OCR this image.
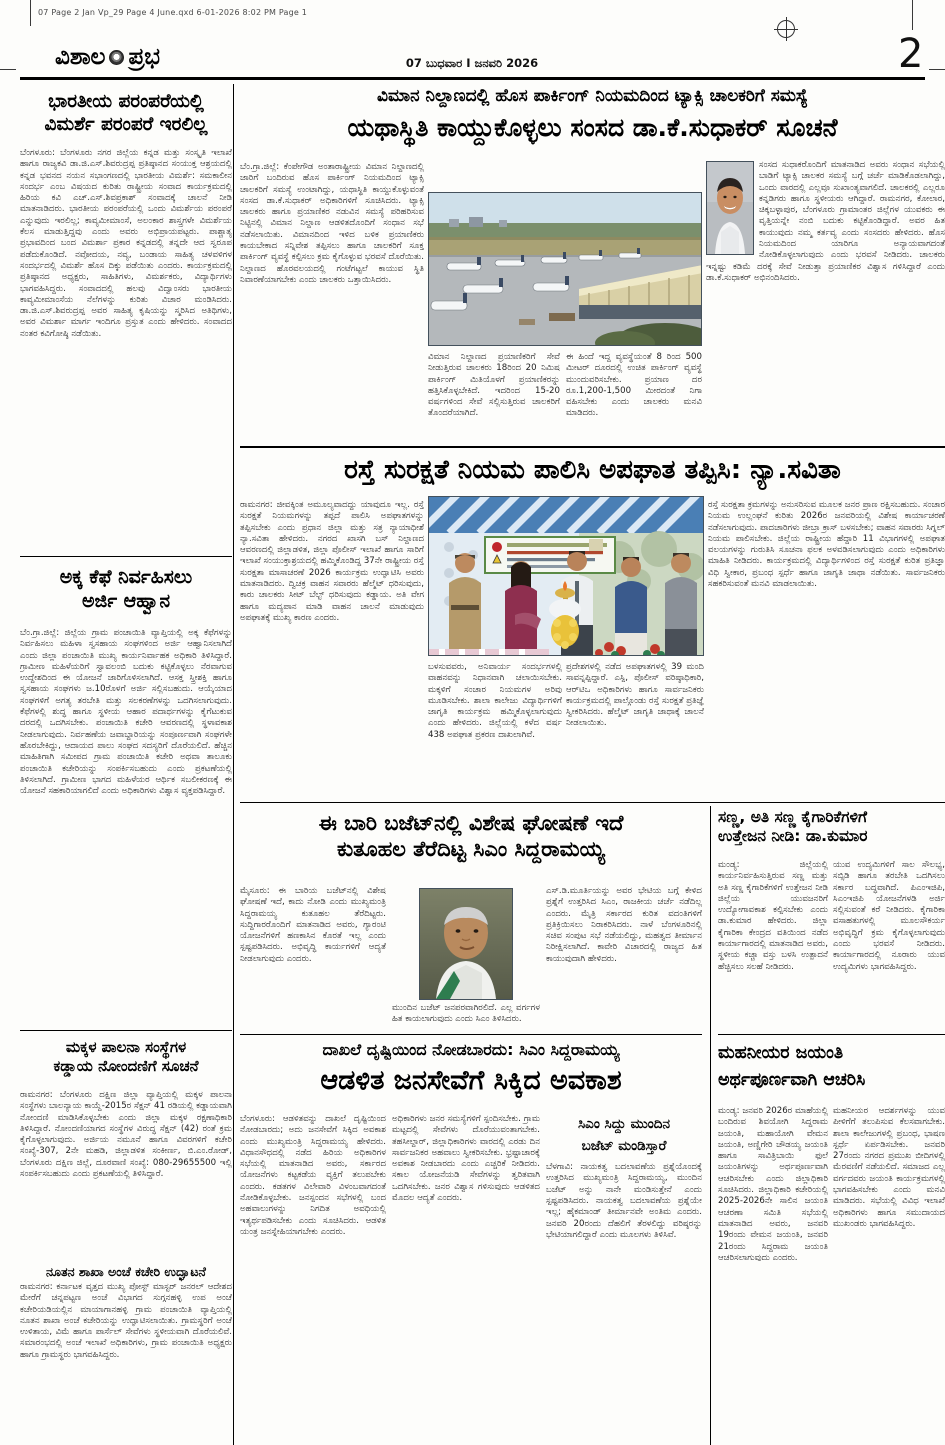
07 Page 2 Jan Vp_29 Page 4 June.qxd 6-01-2026 8:02 PM Page 1
ವಿಶಾಲ ಪ್ರಭ	07 ಬುಧವಾರ I ಜನವರಿ 2026	2
ಭಾರತೀಯ ಪರಂಪರೆಯಲ್ಲಿ
ವಿಮರ್ಶೆ ಪರಂಪರೆ ಇರಲಿಲ್ಲ
ಬೆಂಗಳೂರು: ಬೆಂಗಳೂರು ನಗರ ಜಿಲ್ಲೆಯ ಕನ್ನಡ ಮತ್ತು ಸಂಸ್ಕೃತಿ ಇಲಾಖೆ ಹಾಗೂ ರಾಜ್ಯಕವಿ ಡಾ.ಜಿ.ಎಸ್.ಶಿವರುದ್ರಪ್ಪ ಪ್ರತಿಷ್ಠಾನದ ಸಂಯುಕ್ತ ಆಶ್ರಯದಲ್ಲಿ ಕನ್ನಡ ಭವನದ ನಯನ ಸಭಾಂಗಣದಲ್ಲಿ ಭಾರತೀಯ ವಿಮರ್ಶೆ: ಸಮಕಾಲೀನ ಸಂದರ್ಭ ಎಂಬ ವಿಷಯದ ಕುರಿತು ರಾಷ್ಟ್ರೀಯ ಸಂವಾದ ಕಾರ್ಯಕ್ರಮದಲ್ಲಿ ಹಿರಿಯ ಕವಿ ಎಚ್.ಎಸ್.ಶಿವಪ್ರಕಾಶ್ ಸಂವಾದಕ್ಕೆ ಚಾಲನೆ ನೀಡಿ ಮಾತನಾಡಿದರು. ಭಾರತೀಯ ಪರಂಪರೆಯಲ್ಲಿ ಒಂದು ವಿಮರ್ಶೆಯ ಪರಂಪರೆ ಎನ್ನುವುದು ಇರಲಿಲ್ಲ; ಕಾವ್ಯಮೀಮಾಂಸೆ, ಅಲಂಕಾರ ಶಾಸ್ತ್ರಗಳೇ ವಿಮರ್ಶೆಯ ಕೆಲಸ ಮಾಡುತ್ತಿದ್ದವು ಎಂದು ಅವರು ಅಭಿಪ್ರಾಯಪಟ್ಟರು. ಪಾಶ್ಚಾತ್ಯ ಪ್ರಭಾವದಿಂದ ಬಂದ ವಿಮರ್ಶಾ ಪ್ರಕಾರ ಕನ್ನಡದಲ್ಲಿ ತನ್ನದೇ ಆದ ಸ್ವರೂಪ ಪಡೆದುಕೊಂಡಿದೆ. ನವೋದಯ, ನವ್ಯ, ಬಂಡಾಯ ಸಾಹಿತ್ಯ ಚಳವಳಿಗಳ ಸಂದರ್ಭದಲ್ಲಿ ವಿಮರ್ಶೆ ಹೊಸ ದಿಕ್ಕು ಪಡೆಯಿತು ಎಂದರು. ಕಾರ್ಯಕ್ರಮದಲ್ಲಿ ಪ್ರತಿಷ್ಠಾನದ ಅಧ್ಯಕ್ಷರು, ಸಾಹಿತಿಗಳು, ವಿಮರ್ಶಕರು, ವಿದ್ಯಾರ್ಥಿಗಳು ಭಾಗವಹಿಸಿದ್ದರು. ಸಂವಾದದಲ್ಲಿ ಹಲವು ವಿದ್ವಾಂಸರು ಭಾರತೀಯ ಕಾವ್ಯಮೀಮಾಂಸೆಯ ನೆಲೆಗಳನ್ನು ಕುರಿತು ವಿಚಾರ ಮಂಡಿಸಿದರು. ಡಾ.ಜಿ.ಎಸ್.ಶಿವರುದ್ರಪ್ಪ ಅವರ ಸಾಹಿತ್ಯ ಕೃಷಿಯನ್ನು ಸ್ಮರಿಸಿದ ಅತಿಥಿಗಳು, ಅವರ ವಿಮರ್ಶಾ ಮಾರ್ಗ ಇಂದಿಗೂ ಪ್ರಸ್ತುತ ಎಂದು ಹೇಳಿದರು. ಸಂವಾದದ ನಂತರ ಕವಿಗೋಷ್ಠಿ ನಡೆಯಿತು.
ಅಕ್ಕ ಕೆಫೆ ನಿರ್ವಹಿಸಲು
ಅರ್ಜಿ ಆಹ್ವಾನ
ಬೆಂ.ಗ್ರಾ.ಜಿಲ್ಲೆ: ಜಿಲ್ಲೆಯ ಗ್ರಾಮ ಪಂಚಾಯಿತಿ ವ್ಯಾಪ್ತಿಯಲ್ಲಿ ಅಕ್ಕ ಕೆಫೆಗಳನ್ನು ನಿರ್ವಹಿಸಲು ಮಹಿಳಾ ಸ್ವಸಹಾಯ ಸಂಘಗಳಿಂದ ಅರ್ಜಿ ಆಹ್ವಾನಿಸಲಾಗಿದೆ ಎಂದು ಜಿಲ್ಲಾ ಪಂಚಾಯಿತಿ ಮುಖ್ಯ ಕಾರ್ಯನಿರ್ವಾಹಕ ಅಧಿಕಾರಿ ತಿಳಿಸಿದ್ದಾರೆ. ಗ್ರಾಮೀಣ ಮಹಿಳೆಯರಿಗೆ ಸ್ವಾವಲಂಬಿ ಬದುಕು ಕಟ್ಟಿಕೊಳ್ಳಲು ನೆರವಾಗುವ ಉದ್ದೇಶದಿಂದ ಈ ಯೋಜನೆ ಜಾರಿಗೊಳಿಸಲಾಗಿದೆ. ಆಸಕ್ತ ಸ್ತ್ರೀಶಕ್ತಿ ಹಾಗೂ ಸ್ವಸಹಾಯ ಸಂಘಗಳು ಜ.10ರೊಳಗೆ ಅರ್ಜಿ ಸಲ್ಲಿಸಬಹುದು. ಆಯ್ಕೆಯಾದ ಸಂಘಗಳಿಗೆ ಅಗತ್ಯ ತರಬೇತಿ ಮತ್ತು ಸಲಕರಣೆಗಳನ್ನು ಒದಗಿಸಲಾಗುವುದು. ಕೆಫೆಗಳಲ್ಲಿ ಶುದ್ಧ ಹಾಗೂ ಸ್ಥಳೀಯ ಆಹಾರ ಪದಾರ್ಥಗಳನ್ನು ಕೈಗೆಟುಕುವ ದರದಲ್ಲಿ ಒದಗಿಸಬೇಕು. ಪಂಚಾಯಿತಿ ಕಚೇರಿ ಆವರಣದಲ್ಲಿ ಸ್ಥಳಾವಕಾಶ ನೀಡಲಾಗುವುದು. ನಿರ್ವಹಣೆಯ ಜವಾಬ್ದಾರಿಯನ್ನು ಸಂಪೂರ್ಣವಾಗಿ ಸಂಘಗಳೇ ಹೊರಬೇಕಿದ್ದು, ಆದಾಯದ ಪಾಲು ಸಂಘದ ಸದಸ್ಯರಿಗೆ ದೊರೆಯಲಿದೆ. ಹೆಚ್ಚಿನ ಮಾಹಿತಿಗಾಗಿ ಸಮೀಪದ ಗ್ರಾಮ ಪಂಚಾಯಿತಿ ಕಚೇರಿ ಅಥವಾ ತಾಲೂಕು ಪಂಚಾಯಿತಿ ಕಚೇರಿಯನ್ನು ಸಂಪರ್ಕಿಸಬಹುದು ಎಂದು ಪ್ರಕಟಣೆಯಲ್ಲಿ ತಿಳಿಸಲಾಗಿದೆ. ಗ್ರಾಮೀಣ ಭಾಗದ ಮಹಿಳೆಯರ ಆರ್ಥಿಕ ಸಬಲೀಕರಣಕ್ಕೆ ಈ ಯೋಜನೆ ಸಹಕಾರಿಯಾಗಲಿದೆ ಎಂದು ಅಧಿಕಾರಿಗಳು ವಿಶ್ವಾಸ ವ್ಯಕ್ತಪಡಿಸಿದ್ದಾರೆ.
ಮಕ್ಕಳ ಪಾಲನಾ ಸಂಸ್ಥೆಗಳ
ಕಡ್ಡಾಯ ನೋಂದಣಿಗೆ ಸೂಚನೆ
ರಾಮನಗರ: ಬೆಂಗಳೂರು ದಕ್ಷಿಣ ಜಿಲ್ಲಾ ವ್ಯಾಪ್ತಿಯಲ್ಲಿ ಮಕ್ಕಳ ಪಾಲನಾ ಸಂಸ್ಥೆಗಳು ಬಾಲನ್ಯಾಯ ಕಾಯ್ದೆ-2015ರ ಸೆಕ್ಷನ್ 41 ರಡಿಯಲ್ಲಿ ಕಡ್ಡಾಯವಾಗಿ ನೋಂದಣಿ ಮಾಡಿಸಿಕೊಳ್ಳಬೇಕು ಎಂದು ಜಿಲ್ಲಾ ಮಕ್ಕಳ ರಕ್ಷಣಾಧಿಕಾರಿ ತಿಳಿಸಿದ್ದಾರೆ. ನೋಂದಣಿಯಾಗದ ಸಂಸ್ಥೆಗಳ ವಿರುದ್ಧ ಸೆಕ್ಷನ್ (42) ರಂತೆ ಕ್ರಮ ಕೈಗೊಳ್ಳಲಾಗುವುದು. ಅರ್ಜಿಯ ನಮೂನೆ ಹಾಗೂ ವಿವರಗಳಿಗೆ ಕಚೇರಿ ಸಂಖ್ಯೆ-307, 2ನೇ ಮಹಡಿ, ಜಿಲ್ಲಾಡಳಿತ ಸಂಕೀರ್ಣ, ಬಿ.ಎಂ.ರೋಡ್, ಬೆಂಗಳೂರು ದಕ್ಷಿಣ ಜಿಲ್ಲೆ, ದೂರವಾಣಿ ಸಂಖ್ಯೆ: 080-29655500 ಇಲ್ಲಿ ಸಂಪರ್ಕಿಸಬಹುದು ಎಂದು ಪ್ರಕಟಣೆಯಲ್ಲಿ ತಿಳಿಸಿದ್ದಾರೆ.
ನೂತನ ಶಾಖಾ ಅಂಚೆ ಕಚೇರಿ ಉದ್ಘಾಟನೆ
ರಾಮನಗರ: ಕರ್ನಾಟಕ ವೃತ್ತದ ಮುಖ್ಯ ಪೋಸ್ಟ್ ಮಾಸ್ಟರ್ ಜನರಲ್ ಆದೇಶದ ಮೇರೆಗೆ ಚನ್ನಪಟ್ಟಣ ಅಂಚೆ ವಿಭಾಗದ ಸುಗ್ಗನಹಳ್ಳಿ ಉಪ ಅಂಚೆ ಕಚೇರಿಯಡಿಯಲ್ಲಿನ ಮಾಯಾಗಾನಹಳ್ಳಿ ಗ್ರಾಮ ಪಂಚಾಯಿತಿ ವ್ಯಾಪ್ತಿಯಲ್ಲಿ ನೂತನ ಶಾಖಾ ಅಂಚೆ ಕಚೇರಿಯನ್ನು ಉದ್ಘಾಟಿಸಲಾಯಿತು. ಗ್ರಾಮಸ್ಥರಿಗೆ ಅಂಚೆ ಉಳಿತಾಯ, ವಿಮೆ ಹಾಗೂ ಪಾರ್ಸೆಲ್ ಸೇವೆಗಳು ಸ್ಥಳೀಯವಾಗಿ ದೊರೆಯಲಿವೆ. ಸಮಾರಂಭದಲ್ಲಿ ಅಂಚೆ ಇಲಾಖೆ ಅಧಿಕಾರಿಗಳು, ಗ್ರಾಮ ಪಂಚಾಯಿತಿ ಅಧ್ಯಕ್ಷರು ಹಾಗೂ ಗ್ರಾಮಸ್ಥರು ಭಾಗವಹಿಸಿದ್ದರು.
ವಿಮಾನ ನಿಲ್ದಾಣದಲ್ಲಿ ಹೊಸ ಪಾರ್ಕಿಂಗ್ ನಿಯಮದಿಂದ ಟ್ಯಾಕ್ಸಿ ಚಾಲಕರಿಗೆ ಸಮಸ್ಯೆ
ಯಥಾಸ್ಥಿತಿ ಕಾಯ್ದುಕೊಳ್ಳಲು ಸಂಸದ ಡಾ.ಕೆ.ಸುಧಾಕರ್ ಸೂಚನೆ
ಬೆಂ.ಗ್ರಾ.ಜಿಲ್ಲೆ: ಕೆಂಪೇಗೌಡ ಅಂತಾರಾಷ್ಟ್ರೀಯ ವಿಮಾನ ನಿಲ್ದಾಣದಲ್ಲಿ ಜಾರಿಗೆ ಬಂದಿರುವ ಹೊಸ ಪಾರ್ಕಿಂಗ್ ನಿಯಮದಿಂದ ಟ್ಯಾಕ್ಸಿ ಚಾಲಕರಿಗೆ ಸಮಸ್ಯೆ ಉಂಟಾಗಿದ್ದು, ಯಥಾಸ್ಥಿತಿ ಕಾಯ್ದುಕೊಳ್ಳುವಂತೆ ಸಂಸದ ಡಾ.ಕೆ.ಸುಧಾಕರ್ ಅಧಿಕಾರಿಗಳಿಗೆ ಸೂಚಿಸಿದರು. ಟ್ಯಾಕ್ಸಿ ಚಾಲಕರು ಹಾಗೂ ಪ್ರಯಾಣಿಕರ ನಡುವಿನ ಸಮಸ್ಯೆ ಪರಿಹರಿಸುವ ನಿಟ್ಟಿನಲ್ಲಿ ವಿಮಾನ ನಿಲ್ದಾಣ ಆಡಳಿತದೊಂದಿಗೆ ಸಂಧಾನ ಸಭೆ ನಡೆಸಲಾಯಿತು. ವಿಮಾನದಿಂದ ಇಳಿದ ಬಳಿಕ ಪ್ರಯಾಣಿಕರು ಕಾಯಬೇಕಾದ ಸನ್ನಿವೇಶ ತಪ್ಪಿಸಲು ಹಾಗೂ ಚಾಲಕರಿಗೆ ಸೂಕ್ತ ಪಾರ್ಕಿಂಗ್ ವ್ಯವಸ್ಥೆ ಕಲ್ಪಿಸಲು ಕ್ರಮ ಕೈಗೊಳ್ಳುವ ಭರವಸೆ ದೊರೆಯಿತು. ನಿಲ್ದಾಣದ ಹೊರವಲಯದಲ್ಲಿ ಗಂಟೆಗಟ್ಟಲೆ ಕಾಯುವ ಸ್ಥಿತಿ ನಿವಾರಣೆಯಾಗಬೇಕು ಎಂದು ಚಾಲಕರು ಒತ್ತಾಯಿಸಿದರು.
ವಿಮಾನ ನಿಲ್ದಾಣದ ಪ್ರಯಾಣಿಕರಿಗೆ ಸೇವೆ ನೀಡುತ್ತಿರುವ ಚಾಲಕರು 18ರಿಂದ 20 ನಿಮಿಷ ಪಾರ್ಕಿಂಗ್ ಮಿತಿಯೊಳಗೆ ಪ್ರಯಾಣಿಕರನ್ನು ಹತ್ತಿಸಿಕೊಳ್ಳಬೇಕಿದೆ. ಇದರಿಂದ 15-20 ವರ್ಷಗಳಿಂದ ಸೇವೆ ಸಲ್ಲಿಸುತ್ತಿರುವ ಚಾಲಕರಿಗೆ ತೊಂದರೆಯಾಗಿದೆ.
ಈ ಹಿಂದೆ ಇದ್ದ ವ್ಯವಸ್ಥೆಯಂತೆ 8 ರಿಂದ 500 ಮೀಟರ್ ದೂರದಲ್ಲಿ ಉಚಿತ ಪಾರ್ಕಿಂಗ್ ವ್ಯವಸ್ಥೆ ಮುಂದುವರಿಸಬೇಕು. ಪ್ರಯಾಣ ದರ ರೂ.1,200-1,500 ಮೀರದಂತೆ ನಿಗಾ ವಹಿಸಬೇಕು ಎಂದು ಚಾಲಕರು ಮನವಿ ಮಾಡಿದರು.
ಸಂಸದ ಸುಧಾಕರೊಂದಿಗೆ ಮಾತನಾಡಿದ ಅವರು ಸಂಧಾನ ಸಭೆಯಲ್ಲಿ ಬಾಡಿಗೆ ಟ್ಯಾಕ್ಸಿ ಚಾಲಕರ ಸಮಸ್ಯೆ ಬಗ್ಗೆ ಚರ್ಚೆ ಮಾಡಿಕೊಡಲಾಗಿದ್ದು, ಒಂದು ವಾರದಲ್ಲಿ ಎಲ್ಲವೂ ಸುಖಾಂತ್ಯವಾಗಲಿದೆ. ಚಾಲಕರಲ್ಲಿ ಎಲ್ಲರೂ ಕನ್ನಡಿಗರು ಹಾಗೂ ಸ್ಥಳೀಯರು ಆಗಿದ್ದಾರೆ. ರಾಮನಗರ, ಕೋಲಾರ, ಚಿಕ್ಕಬಳ್ಳಾಪುರ, ಬೆಂಗಳೂರು ಗ್ರಾಮಾಂತರ ಜಿಲ್ಲೆಗಳ ಯುವಕರು ಈ ವೃತ್ತಿಯನ್ನೇ ನಂಬಿ ಬದುಕು ಕಟ್ಟಿಕೊಂಡಿದ್ದಾರೆ. ಅವರ ಹಿತ ಕಾಯುವುದು ನಮ್ಮ ಕರ್ತವ್ಯ ಎಂದು ಸಂಸದರು ಹೇಳಿದರು. ಹೊಸ ನಿಯಮದಿಂದ ಯಾರಿಗೂ ಅನ್ಯಾಯವಾಗದಂತೆ ನೋಡಿಕೊಳ್ಳಲಾಗುವುದು ಎಂದು ಭರವಸೆ ನೀಡಿದರು. ಚಾಲಕರು ಇನ್ನಷ್ಟು ಕಡಿಮೆ ದರಕ್ಕೆ ಸೇವೆ ನೀಡುತ್ತಾ ಪ್ರಯಾಣಿಕರ ವಿಶ್ವಾಸ ಗಳಿಸಿದ್ದಾರೆ ಎಂದು ಡಾ.ಕೆ.ಸುಧಾಕರ್ ಅಭಿನಂದಿಸಿದರು.
ರಸ್ತೆ ಸುರಕ್ಷತೆ ನಿಯಮ ಪಾಲಿಸಿ ಅಪಘಾತ ತಪ್ಪಿಸಿ: ನ್ಯಾ.ಸವಿತಾ
ರಾಮನಗರ: ಜೀವಕ್ಕಿಂತ ಅಮೂಲ್ಯವಾದದ್ದು ಯಾವುದೂ ಇಲ್ಲ. ರಸ್ತೆ ಸುರಕ್ಷತೆ ನಿಯಮಗಳನ್ನು ತಪ್ಪದೆ ಪಾಲಿಸಿ ಅಪಘಾತಗಳನ್ನು ತಪ್ಪಿಸಬೇಕು ಎಂದು ಪ್ರಧಾನ ಜಿಲ್ಲಾ ಮತ್ತು ಸತ್ರ ನ್ಯಾಯಾಧೀಶೆ ನ್ಯಾ.ಸವಿತಾ ಹೇಳಿದರು. ನಗರದ ಖಾಸಗಿ ಬಸ್ ನಿಲ್ದಾಣದ ಆವರಣದಲ್ಲಿ ಜಿಲ್ಲಾಡಳಿತ, ಜಿಲ್ಲಾ ಪೊಲೀಸ್ ಇಲಾಖೆ ಹಾಗೂ ಸಾರಿಗೆ ಇಲಾಖೆ ಸಂಯುಕ್ತಾಶ್ರಯದಲ್ಲಿ ಹಮ್ಮಿಕೊಂಡಿದ್ದ 37ನೇ ರಾಷ್ಟ್ರೀಯ ರಸ್ತೆ ಸುರಕ್ಷತಾ ಮಾಸಾಚರಣೆ 2026 ಕಾರ್ಯಕ್ರಮ ಉದ್ಘಾಟಿಸಿ ಅವರು ಮಾತನಾಡಿದರು. ದ್ವಿಚಕ್ರ ವಾಹನ ಸವಾರರು ಹೆಲ್ಮೆಟ್ ಧರಿಸುವುದು, ಕಾರು ಚಾಲಕರು ಸೀಟ್ ಬೆಲ್ಟ್ ಧರಿಸುವುದು ಕಡ್ಡಾಯ. ಅತಿ ವೇಗ ಹಾಗೂ ಮದ್ಯಪಾನ ಮಾಡಿ ವಾಹನ ಚಾಲನೆ ಮಾಡುವುದು ಅಪಘಾತಕ್ಕೆ ಮುಖ್ಯ ಕಾರಣ ಎಂದರು.
ಬಳಸುವವರು, ಅನಿವಾರ್ಯ ಸಂದರ್ಭಗಳಲ್ಲಿ ವಾಹನವನ್ನು ನಿಧಾನವಾಗಿ ಚಲಾಯಿಸಬೇಕು. ಮಕ್ಕಳಿಗೆ ಸಂಚಾರ ನಿಯಮಗಳ ಅರಿವು ಮೂಡಿಸಬೇಕು. ಶಾಲಾ ಕಾಲೇಜು ವಿದ್ಯಾರ್ಥಿಗಳಿಗೆ ಜಾಗೃತಿ ಕಾರ್ಯಕ್ರಮ ಹಮ್ಮಿಕೊಳ್ಳಲಾಗುವುದು ಎಂದು ಹೇಳಿದರು. ಜಿಲ್ಲೆಯಲ್ಲಿ ಕಳೆದ ವರ್ಷ 438 ಅಪಘಾತ ಪ್ರಕರಣ ದಾಖಲಾಗಿವೆ.
ಪ್ರದೇಶಗಳಲ್ಲಿ ನಡೆದ ಅಪಘಾತಗಳಲ್ಲಿ 39 ಮಂದಿ ಸಾವನ್ನಪ್ಪಿದ್ದಾರೆ. ಎಸ್ಪಿ, ಪೊಲೀಸ್ ವರಿಷ್ಠಾಧಿಕಾರಿ, ಆರ್‌ಟಿಒ ಅಧಿಕಾರಿಗಳು ಹಾಗೂ ಸಾರ್ವಜನಿಕರು ಕಾರ್ಯಕ್ರಮದಲ್ಲಿ ಪಾಲ್ಗೊಂಡು ರಸ್ತೆ ಸುರಕ್ಷತೆ ಪ್ರತಿಜ್ಞೆ ಸ್ವೀಕರಿಸಿದರು. ಹೆಲ್ಮೆಟ್ ಜಾಗೃತಿ ಜಾಥಾಕ್ಕೆ ಚಾಲನೆ ನೀಡಲಾಯಿತು.
ರಸ್ತೆ ಸುರಕ್ಷತಾ ಕ್ರಮಗಳನ್ನು ಅನುಸರಿಸುವ ಮೂಲಕ ಜನರ ಪ್ರಾಣ ರಕ್ಷಿಸಬಹುದು. ಸಂಚಾರ ನಿಯಮ ಉಲ್ಲಂಘನೆ ಕುರಿತು 2026ರ ಜನವರಿಯಲ್ಲಿ ವಿಶೇಷ ಕಾರ್ಯಾಚರಣೆ ನಡೆಸಲಾಗುವುದು. ಪಾದಚಾರಿಗಳು ಜೀಬ್ರಾ ಕ್ರಾಸ್ ಬಳಸಬೇಕು; ವಾಹನ ಸವಾರರು ಸಿಗ್ನಲ್ ನಿಯಮ ಪಾಲಿಸಬೇಕು. ಜಿಲ್ಲೆಯ ರಾಷ್ಟ್ರೀಯ ಹೆದ್ದಾರಿ 11 ವಿಭಾಗಗಳಲ್ಲಿ ಅಪಘಾತ ವಲಯಗಳನ್ನು ಗುರುತಿಸಿ ಸೂಚನಾ ಫಲಕ ಅಳವಡಿಸಲಾಗುವುದು ಎಂದು ಅಧಿಕಾರಿಗಳು ಮಾಹಿತಿ ನೀಡಿದರು. ಕಾರ್ಯಕ್ರಮದಲ್ಲಿ ವಿದ್ಯಾರ್ಥಿಗಳಿಂದ ರಸ್ತೆ ಸುರಕ್ಷತೆ ಕುರಿತ ಪ್ರತಿಜ್ಞಾ ವಿಧಿ ಸ್ವೀಕಾರ, ಪ್ರಬಂಧ ಸ್ಪರ್ಧೆ ಹಾಗೂ ಜಾಗೃತಿ ಜಾಥಾ ನಡೆಯಿತು. ಸಾರ್ವಜನಿಕರು ಸಹಕರಿಸುವಂತೆ ಮನವಿ ಮಾಡಲಾಯಿತು.
ಈ ಬಾರಿ ಬಜೆಟ್‌ನಲ್ಲಿ ವಿಶೇಷ ಘೋಷಣೆ ಇದೆ
ಕುತೂಹಲ ತೆರೆದಿಟ್ಟ ಸಿಎಂ ಸಿದ್ದರಾಮಯ್ಯ
ಮೈಸೂರು: ಈ ಬಾರಿಯ ಬಜೆಟ್‌ನಲ್ಲಿ ವಿಶೇಷ ಘೋಷಣೆ ಇದೆ, ಕಾದು ನೋಡಿ ಎಂದು ಮುಖ್ಯಮಂತ್ರಿ ಸಿದ್ದರಾಮಯ್ಯ ಕುತೂಹಲ ತೆರೆದಿಟ್ಟರು. ಸುದ್ದಿಗಾರರೊಂದಿಗೆ ಮಾತನಾಡಿದ ಅವರು, ಗ್ಯಾರಂಟಿ ಯೋಜನೆಗಳಿಗೆ ಹಣಕಾಸಿನ ಕೊರತೆ ಇಲ್ಲ ಎಂದು ಸ್ಪಷ್ಟಪಡಿಸಿದರು. ಅಭಿವೃದ್ಧಿ ಕಾರ್ಯಗಳಿಗೆ ಆದ್ಯತೆ ನೀಡಲಾಗುವುದು ಎಂದರು.
ಮುಂದಿನ ಬಜೆಟ್ ಜನಪರವಾಗಿರಲಿದೆ. ಎಲ್ಲ ವರ್ಗಗಳ ಹಿತ ಕಾಯಲಾಗುವುದು ಎಂದು ಸಿಎಂ ತಿಳಿಸಿದರು.
ಎಸ್.ಡಿ.ಮೂರ್ತಿಯನ್ನು ಅವರ ಭೇಟಿಯ ಬಗ್ಗೆ ಕೇಳಿದ ಪ್ರಶ್ನೆಗೆ ಉತ್ತರಿಸಿದ ಸಿಎಂ, ರಾಜಕೀಯ ಚರ್ಚೆ ನಡೆದಿಲ್ಲ ಎಂದರು. ಮೈತ್ರಿ ಸರ್ಕಾರದ ಕುರಿತ ವದಂತಿಗಳಿಗೆ ಪ್ರತಿಕ್ರಿಯಿಸಲು ನಿರಾಕರಿಸಿದರು. ನಾಳೆ ಬೆಂಗಳೂರಿನಲ್ಲಿ ಸಚಿವ ಸಂಪುಟ ಸಭೆ ನಡೆಯಲಿದ್ದು, ಮಹತ್ವದ ತೀರ್ಮಾನ ನಿರೀಕ್ಷಿಸಲಾಗಿದೆ. ಕಾವೇರಿ ವಿಚಾರದಲ್ಲಿ ರಾಜ್ಯದ ಹಿತ ಕಾಯುವುದಾಗಿ ಹೇಳಿದರು.
ಸಣ್ಣ, ಅತಿ ಸಣ್ಣ ಕೈಗಾರಿಕೆಗಳಿಗೆ
ಉತ್ತೇಜನ ನೀಡಿ: ಡಾ.ಕುಮಾರ
ಮಂಡ್ಯ: ಜಿಲ್ಲೆಯಲ್ಲಿ ಕಾರ್ಯನಿರ್ವಹಿಸುತ್ತಿರುವ ಸಣ್ಣ ಮತ್ತು ಅತಿ ಸಣ್ಣ ಕೈಗಾರಿಕೆಗಳಿಗೆ ಉತ್ತೇಜನ ನೀಡಿ ಜಿಲ್ಲೆಯ ಯುವಜನರಿಗೆ ಉದ್ಯೋಗಾವಕಾಶ ಕಲ್ಪಿಸಬೇಕು ಎಂದು ಡಾ.ಕುಮಾರ ಹೇಳಿದರು. ಜಿಲ್ಲಾ ಕೈಗಾರಿಕಾ ಕೇಂದ್ರದ ವತಿಯಿಂದ ನಡೆದ ಕಾರ್ಯಾಗಾರದಲ್ಲಿ ಮಾತನಾಡಿದ ಅವರು, ಸ್ಥಳೀಯ ಕಚ್ಚಾ ವಸ್ತು ಬಳಸಿ ಉತ್ಪಾದನೆ ಹೆಚ್ಚಿಸಲು ಸಲಹೆ ನೀಡಿದರು.
ಯುವ ಉದ್ಯಮಿಗಳಿಗೆ ಸಾಲ ಸೌಲಭ್ಯ, ಸಬ್ಸಿಡಿ ಹಾಗೂ ತರಬೇತಿ ಒದಗಿಸಲು ಸರ್ಕಾರ ಬದ್ಧವಾಗಿದೆ. ಪಿಎಂಇಜಿಪಿ, ಸಿಎಂಇಜಿಪಿ ಯೋಜನೆಗಳಡಿ ಅರ್ಜಿ ಸಲ್ಲಿಸುವಂತೆ ಕರೆ ನೀಡಿದರು. ಕೈಗಾರಿಕಾ ವಸಾಹತುಗಳಲ್ಲಿ ಮೂಲಸೌಕರ್ಯ ಅಭಿವೃದ್ಧಿಗೆ ಕ್ರಮ ಕೈಗೊಳ್ಳಲಾಗುವುದು ಎಂದು ಭರವಸೆ ನೀಡಿದರು. ಕಾರ್ಯಾಗಾರದಲ್ಲಿ ನೂರಾರು ಯುವ ಉದ್ಯಮಿಗಳು ಭಾಗವಹಿಸಿದ್ದರು.
ದಾಖಲೆ ದೃಷ್ಟಿಯಿಂದ ನೋಡಬಾರದು: ಸಿಎಂ ಸಿದ್ದರಾಮಯ್ಯ
ಆಡಳಿತ ಜನಸೇವೆಗೆ ಸಿಕ್ಕಿದ ಅವಕಾಶ
ಬೆಂಗಳೂರು: ಆಡಳಿತವನ್ನು ದಾಖಲೆ ದೃಷ್ಟಿಯಿಂದ ನೋಡಬಾರದು; ಅದು ಜನಸೇವೆಗೆ ಸಿಕ್ಕಿದ ಅವಕಾಶ ಎಂದು ಮುಖ್ಯಮಂತ್ರಿ ಸಿದ್ದರಾಮಯ್ಯ ಹೇಳಿದರು. ವಿಧಾನಸೌಧದಲ್ಲಿ ನಡೆದ ಹಿರಿಯ ಅಧಿಕಾರಿಗಳ ಸಭೆಯಲ್ಲಿ ಮಾತನಾಡಿದ ಅವರು, ಸರ್ಕಾರದ ಯೋಜನೆಗಳು ಕಟ್ಟಕಡೆಯ ವ್ಯಕ್ತಿಗೆ ತಲುಪಬೇಕು ಎಂದರು. ಕಡತಗಳ ವಿಲೇವಾರಿ ವಿಳಂಬವಾಗದಂತೆ ನೋಡಿಕೊಳ್ಳಬೇಕು. ಜನಸ್ಪಂದನ ಸಭೆಗಳಲ್ಲಿ ಬಂದ ಅಹವಾಲುಗಳನ್ನು ನಿಗದಿತ ಅವಧಿಯಲ್ಲಿ ಇತ್ಯರ್ಥಪಡಿಸಬೇಕು ಎಂದು ಸೂಚಿಸಿದರು. ಆಡಳಿತ ಯಂತ್ರ ಜನಸ್ನೇಹಿಯಾಗಬೇಕು ಎಂದರು.
ಅಧಿಕಾರಿಗಳು ಜನರ ಸಮಸ್ಯೆಗಳಿಗೆ ಸ್ಪಂದಿಸಬೇಕು. ಗ್ರಾಮ ಮಟ್ಟದಲ್ಲಿ ಸೇವೆಗಳು ದೊರೆಯುವಂತಾಗಬೇಕು. ತಹಸೀಲ್ದಾರ್, ಜಿಲ್ಲಾಧಿಕಾರಿಗಳು ವಾರದಲ್ಲಿ ಎರಡು ದಿನ ಸಾರ್ವಜನಿಕರ ಅಹವಾಲು ಸ್ವೀಕರಿಸಬೇಕು. ಭ್ರಷ್ಟಾಚಾರಕ್ಕೆ ಅವಕಾಶ ನೀಡಬಾರದು ಎಂದು ಎಚ್ಚರಿಕೆ ನೀಡಿದರು. ಸಕಾಲ ಯೋಜನೆಯಡಿ ಸೇವೆಗಳನ್ನು ತ್ವರಿತವಾಗಿ ಒದಗಿಸಬೇಕು. ಜನರ ವಿಶ್ವಾಸ ಗಳಿಸುವುದು ಆಡಳಿತದ ಮೊದಲ ಆದ್ಯತೆ ಎಂದರು.
ಸಿಎಂ ಸಿದ್ದು ಮುಂದಿನ
ಬಜೆಟ್ ಮಂಡಿಸ್ತಾರೆ
ಬೆಳಗಾವಿ: ನಾಯಕತ್ವ ಬದಲಾವಣೆಯ ಪ್ರಶ್ನೆಯೊಂದಕ್ಕೆ ಉತ್ತರಿಸಿದ ಮುಖ್ಯಮಂತ್ರಿ ಸಿದ್ದರಾಮಯ್ಯ, ಮುಂದಿನ ಬಜೆಟ್ ಅನ್ನು ನಾನೇ ಮಂಡಿಸುತ್ತೇನೆ ಎಂದು ಸ್ಪಷ್ಟಪಡಿಸಿದರು. ನಾಯಕತ್ವ ಬದಲಾವಣೆಯ ಪ್ರಶ್ನೆಯೇ ಇಲ್ಲ; ಹೈಕಮಾಂಡ್ ತೀರ್ಮಾನವೇ ಅಂತಿಮ ಎಂದರು. ಜನವರಿ 20ರಂದು ದೆಹಲಿಗೆ ತೆರಳಲಿದ್ದು ವರಿಷ್ಠರನ್ನು ಭೇಟಿಯಾಗಲಿದ್ದಾರೆ ಎಂದು ಮೂಲಗಳು ತಿಳಿಸಿವೆ.
ಮಹನೀಯರ ಜಯಂತಿ
ಅರ್ಥಪೂರ್ಣವಾಗಿ ಆಚರಿಸಿ
ಮಂಡ್ಯ: ಜನವರಿ 2026ರ ಮಾಹೆಯಲ್ಲಿ ಬಂದಿರುವ ಶಿವಯೋಗಿ ಸಿದ್ದರಾಮ ಜಯಂತಿ, ಮಹಾಯೋಗಿ ವೇಮನ ಜಯಂತಿ, ಅಣ್ಣಿಗೇರಿ ಚೌಡಯ್ಯ ಜಯಂತಿ ಹಾಗೂ ಸಾವಿತ್ರಿಬಾಯಿ ಫುಲೆ ಜಯಂತಿಗಳನ್ನು ಅರ್ಥಪೂರ್ಣವಾಗಿ ಆಚರಿಸಬೇಕು ಎಂದು ಜಿಲ್ಲಾಧಿಕಾರಿ ಸೂಚಿಸಿದರು. ಜಿಲ್ಲಾಧಿಕಾರಿ ಕಚೇರಿಯಲ್ಲಿ 2025-2026ನೇ ಸಾಲಿನ ಜಯಂತಿ ಆಚರಣಾ ಸಮಿತಿ ಸಭೆಯಲ್ಲಿ ಮಾತನಾಡಿದ ಅವರು, ಜನವರಿ 19ರಂದು ವೇಮನ ಜಯಂತಿ, ಜನವರಿ 21ರಂದು ಸಿದ್ದರಾಮ ಜಯಂತಿ ಆಚರಿಸಲಾಗುವುದು ಎಂದರು.
ಮಹನೀಯರ ಆದರ್ಶಗಳನ್ನು ಯುವ ಪೀಳಿಗೆಗೆ ತಲುಪಿಸುವ ಕೆಲಸವಾಗಬೇಕು. ಶಾಲಾ ಕಾಲೇಜುಗಳಲ್ಲಿ ಪ್ರಬಂಧ, ಭಾಷಣ ಸ್ಪರ್ಧೆ ಏರ್ಪಡಿಸಬೇಕು. ಜನವರಿ 27ರಂದು ನಗರದ ಪ್ರಮುಖ ಬೀದಿಗಳಲ್ಲಿ ಮೆರವಣಿಗೆ ನಡೆಯಲಿದೆ. ಸಮಾಜದ ಎಲ್ಲ ವರ್ಗದವರು ಜಯಂತಿ ಕಾರ್ಯಕ್ರಮಗಳಲ್ಲಿ ಭಾಗವಹಿಸಬೇಕು ಎಂದು ಮನವಿ ಮಾಡಿದರು. ಸಭೆಯಲ್ಲಿ ವಿವಿಧ ಇಲಾಖೆ ಅಧಿಕಾರಿಗಳು ಹಾಗೂ ಸಮುದಾಯದ ಮುಖಂಡರು ಭಾಗವಹಿಸಿದ್ದರು.
